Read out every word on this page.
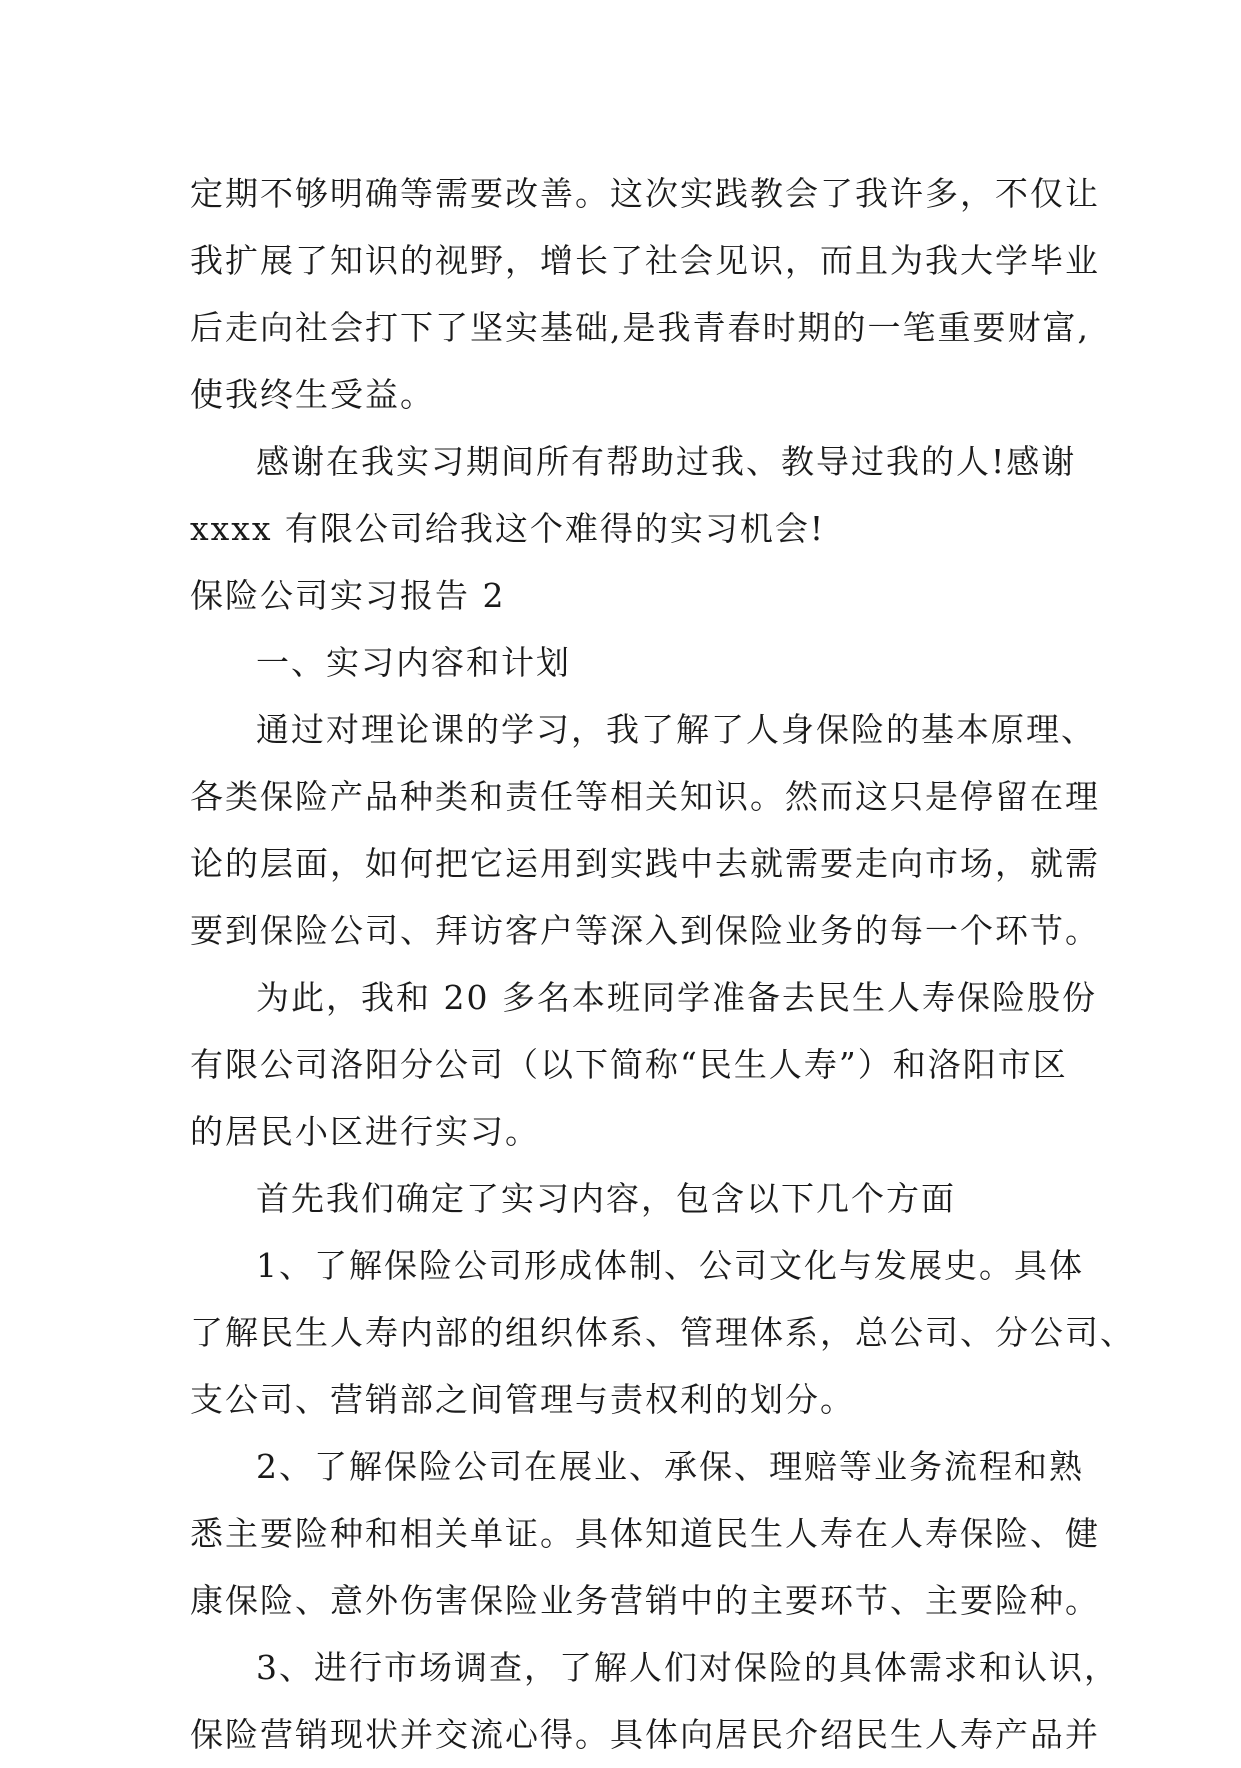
定期不够明确等需要改善。这次实践教会了我许多，不仅让

我扩展了知识的视野，增长了社会见识，而且为我大学毕业

后走向社会打下了坚实基础,是我青春时期的一笔重要财富,

使我终生受益。

感谢在我实习期间所有帮助过我、教导过我的人!感谢

xxxx 有限公司给我这个难得的实习机会!

保险公司实习报告 2

一、实习内容和计划

通过对理论课的学习，我了解了人身保险的基本原理、

各类保险产品种类和责任等相关知识。然而这只是停留在理

论的层面，如何把它运用到实践中去就需要走向市场，就需

要到保险公司、拜访客户等深入到保险业务的每一个环节。

为此，我和 20 多名本班同学准备去民生人寿保险股份

有限公司洛阳分公司（以下简称“民生人寿”）和洛阳市区

的居民小区进行实习。

首先我们确定了实习内容，包含以下几个方面

1、了解保险公司形成体制、公司文化与发展史。具体

了解民生人寿内部的组织体系、管理体系，总公司、分公司、

支公司、营销部之间管理与责权利的划分。

2、了解保险公司在展业、承保、理赔等业务流程和熟

悉主要险种和相关单证。具体知道民生人寿在人寿保险、健

康保险、意外伤害保险业务营销中的主要环节、主要险种。

3、进行市场调查，了解人们对保险的具体需求和认识，

保险营销现状并交流心得。具体向居民介绍民生人寿产品并
